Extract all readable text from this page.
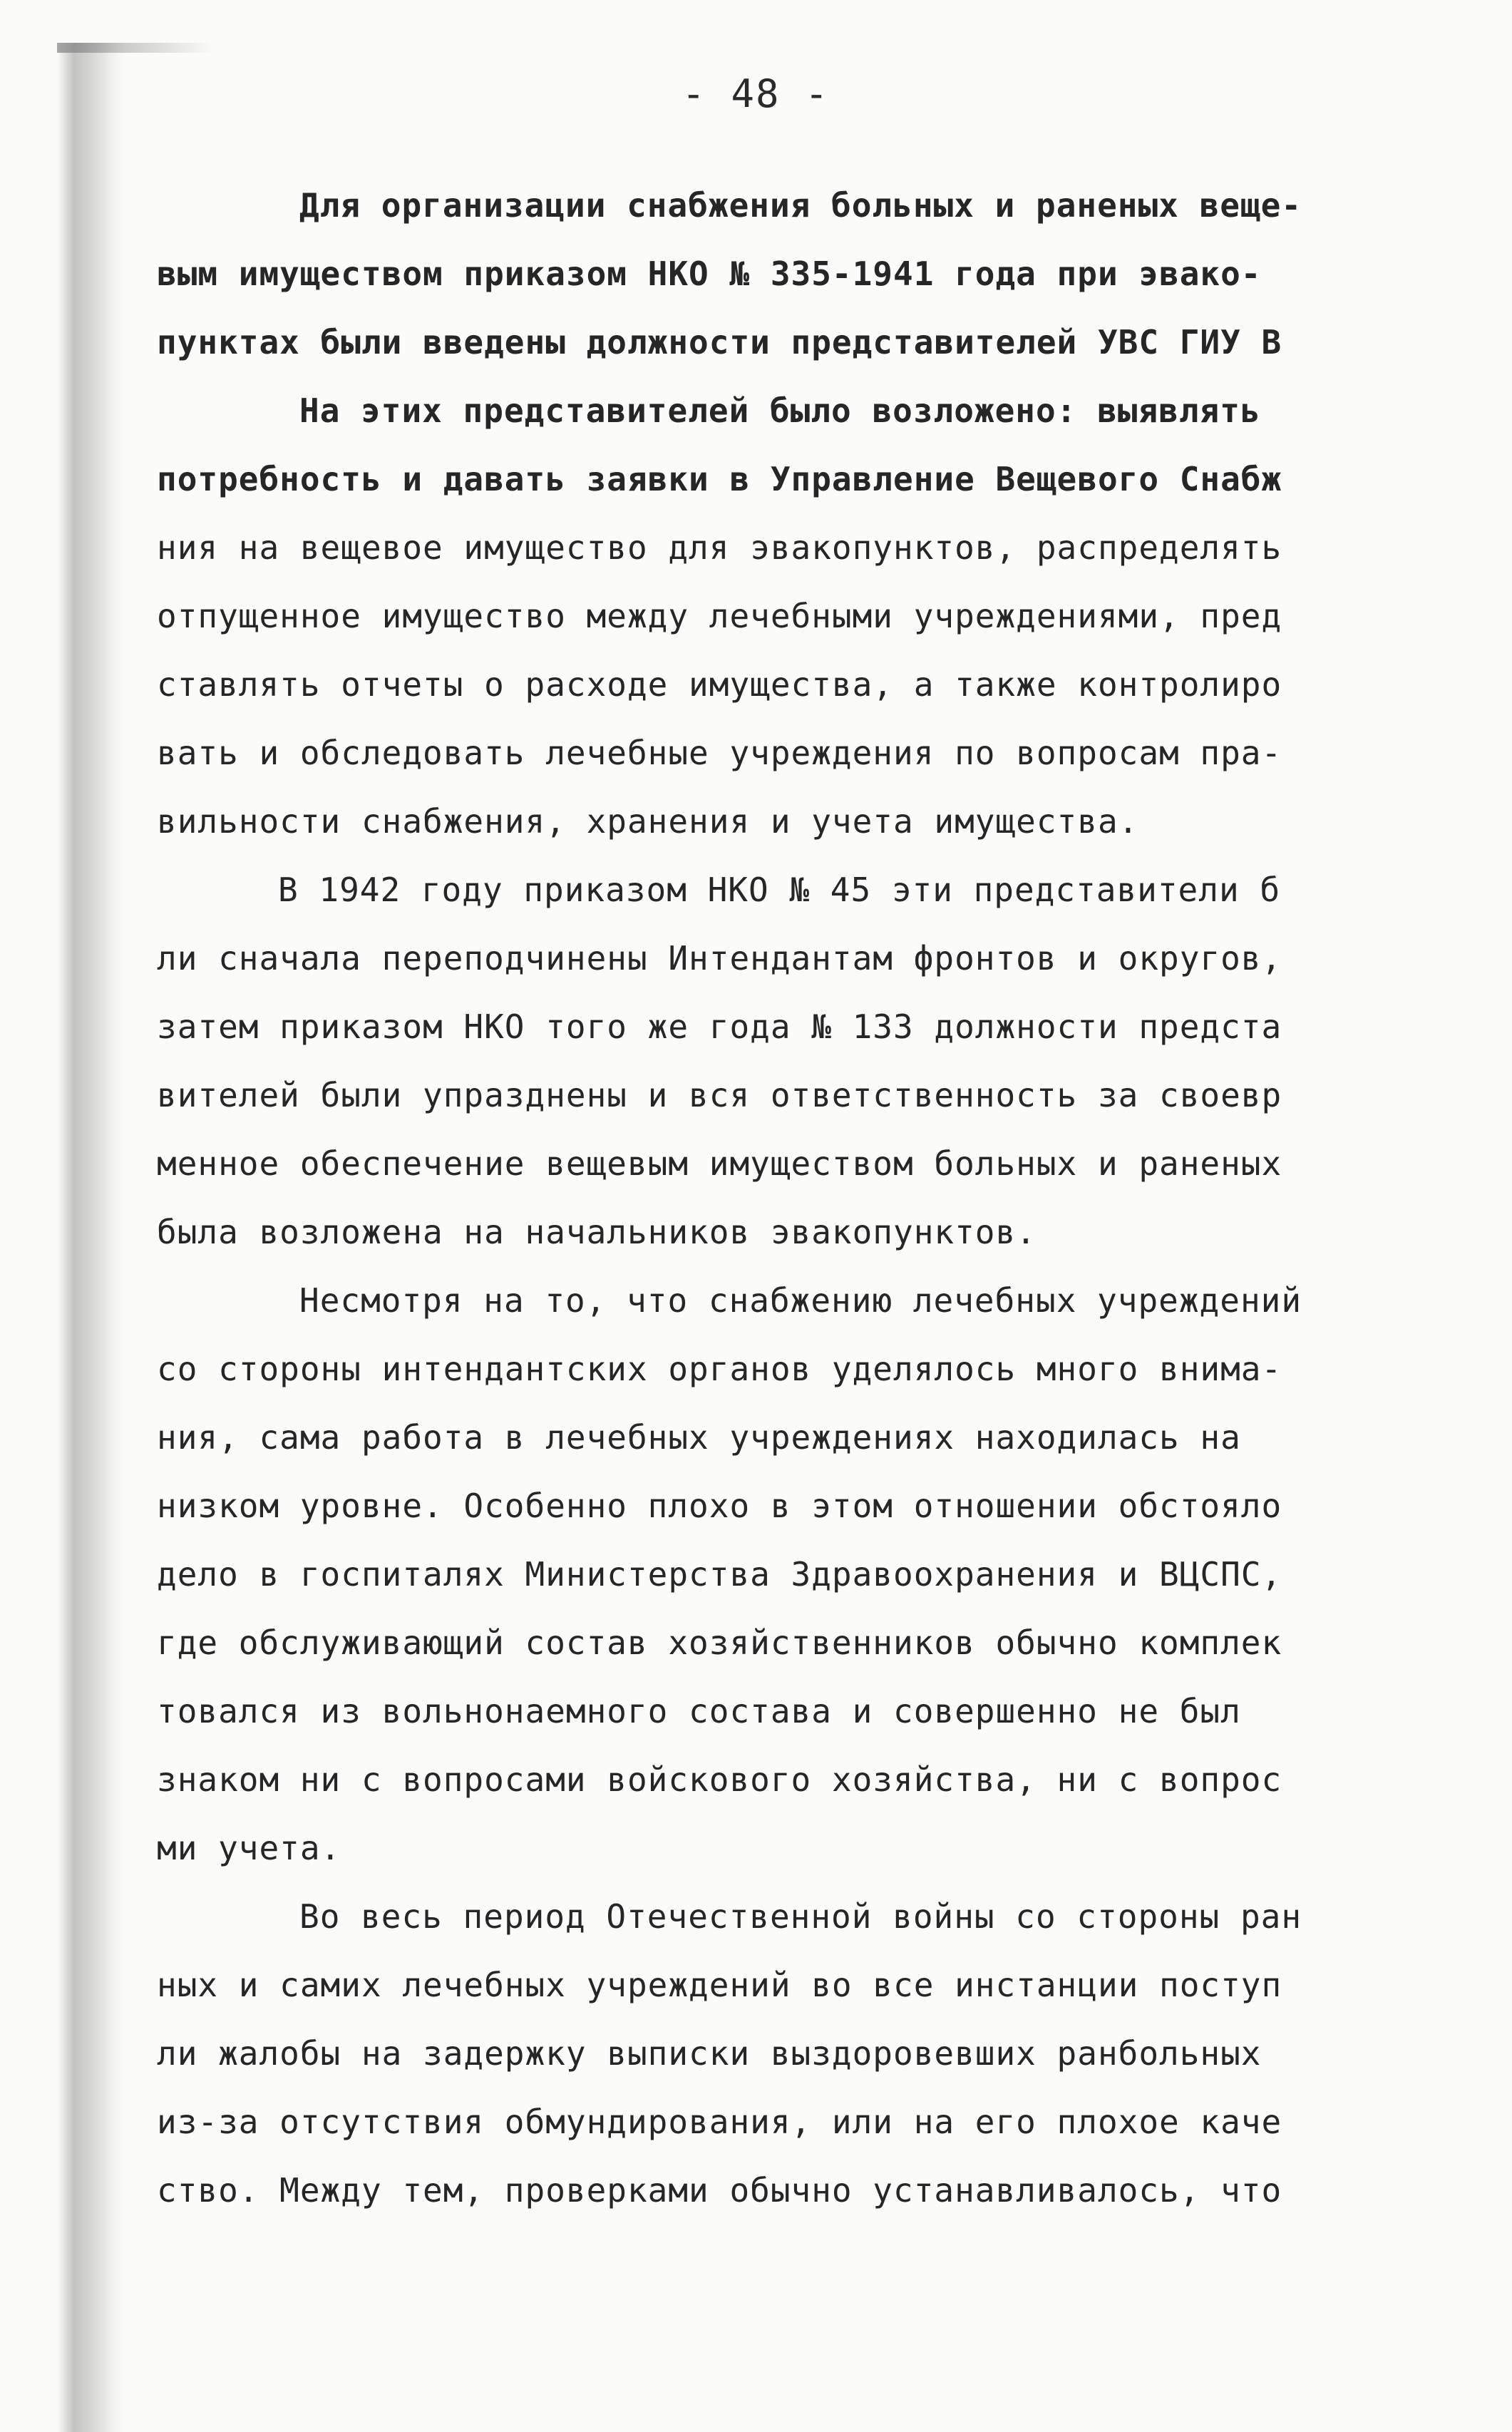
- 48 -
Для организации снабжения больных и раненых веще-
вым имуществом приказом НКО № 335-1941 года при эвако-
пунктах были введены должности представителей УВС ГИУ В
На этих представителей было возложено: выявлять
потребность и давать заявки в Управление Вещевого Снабж
ния на вещевое имущество для эвакопунктов, распределять
отпущенное имущество между лечебными учреждениями, пред
ставлять отчеты о расходе имущества, а также контролиро
вать и обследовать лечебные учреждения по вопросам пра-
вильности снабжения, хранения и учета имущества.
В 1942 году приказом НКО № 45 эти представители б
ли сначала переподчинены Интендантам фронтов и округов,
затем приказом НКО того же года № 133 должности предста
вителей были упразднены и вся ответственность за своевр
менное обеспечение вещевым имуществом больных и раненых
была возложена на начальников эвакопунктов.
Несмотря на то, что снабжению лечебных учреждений
со стороны интендантских органов уделялось много внима-
ния, сама работа в лечебных учреждениях находилась на
низком уровне. Особенно плохо в этом отношении обстояло
дело в госпиталях Министерства Здравоохранения и ВЦСПС,
где обслуживающий состав хозяйственников обычно комплек
товался из вольнонаемного состава и совершенно не был
знаком ни с вопросами войскового хозяйства, ни с вопрос
ми учета.
Во весь период Отечественной войны со стороны ран
ных и самих лечебных учреждений во все инстанции поступ
ли жалобы на задержку выписки выздоровевших ранбольных
из-за отсутствия обмундирования, или на его плохое каче
ство. Между тем, проверками обычно устанавливалось, что
